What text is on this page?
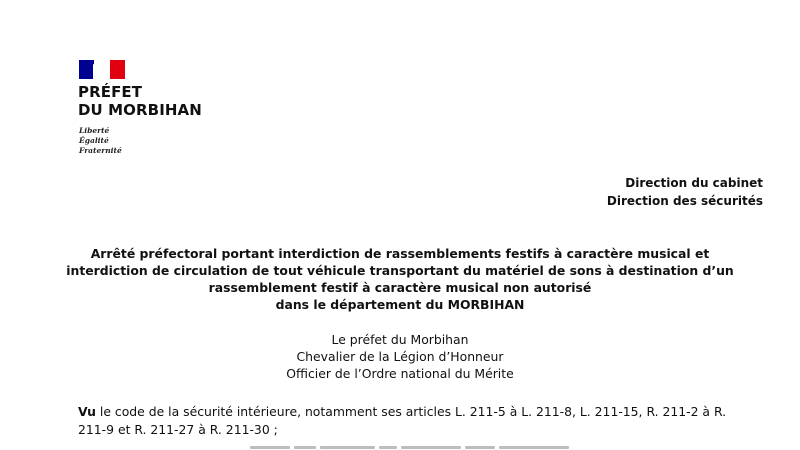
PRÉFET
DU MORBIHAN
Liberté
Égalité
Fraternité
Direction du cabinet
Direction des sécurités
Arrêté préfectoral portant interdiction de rassemblements festifs à caractère musical et
interdiction de circulation de tout véhicule transportant du matériel de sons à destination d’un
rassemblement festif à caractère musical non autorisé
dans le département du MORBIHAN
Le préfet du Morbihan
Chevalier de la Légion d’Honneur
Officier de l’Ordre national du Mérite
Vu le code de la sécurité intérieure, notamment ses articles L. 211-5 à L. 211-8, L. 211-15, R. 211-2 à R.
211-9 et R. 211-27 à R. 211-30 ;
